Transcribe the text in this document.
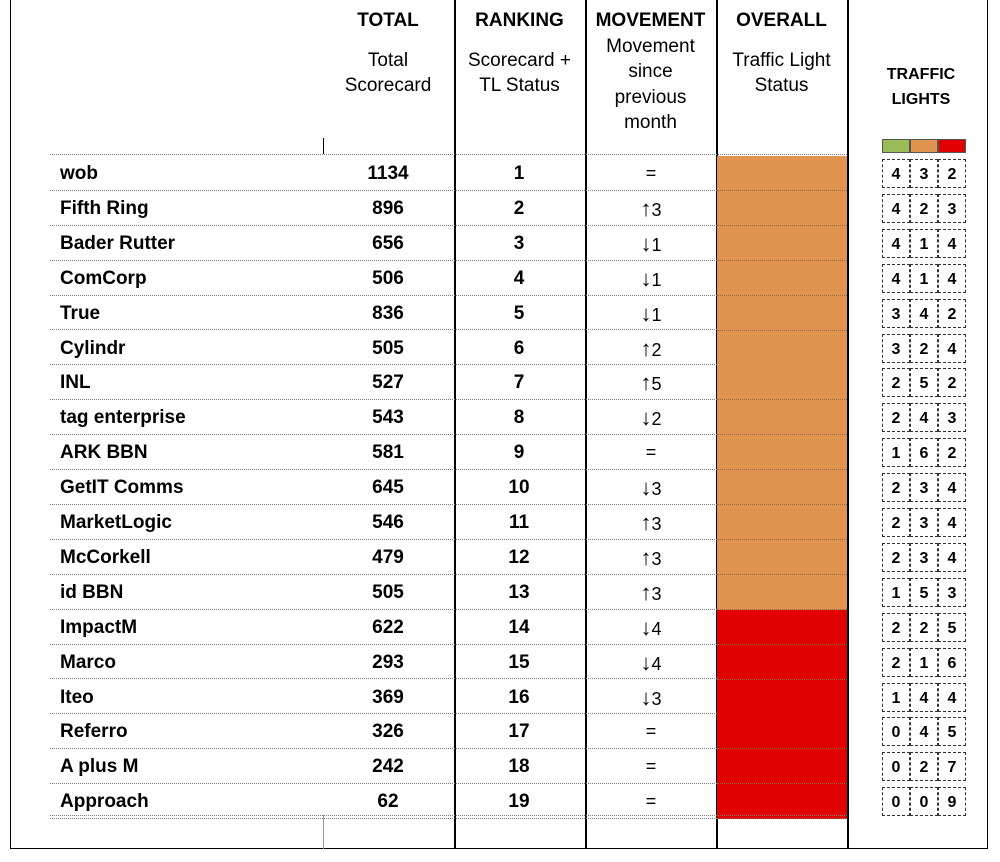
TOTAL
Total Scorecard
RANKING
Scorecard + TL Status
MOVEMENT
Movement since previous month
OVERALL
Traffic Light Status
TRAFFIC
LIGHTS
wob	1134	1	=	4	3	2
Fifth Ring	896	2	↑3	4	2	3
Bader Rutter	656	3	↓1	4	1	4
ComCorp	506	4	↓1	4	1	4
True	836	5	↓1	3	4	2
Cylindr	505	6	↑2	3	2	4
INL	527	7	↑5	2	5	2
tag enterprise	543	8	↓2	2	4	3
ARK BBN	581	9	=	1	6	2
GetIT Comms	645	10	↓3	2	3	4
MarketLogic	546	11	↑3	2	3	4
McCorkell	479	12	↑3	2	3	4
id BBN	505	13	↑3	1	5	3
ImpactM	622	14	↓4	2	2	5
Marco	293	15	↓4	2	1	6
Iteo	369	16	↓3	1	4	4
Referro	326	17	=	0	4	5
A plus M	242	18	=	0	2	7
Approach	62	19	=	0	0	9
